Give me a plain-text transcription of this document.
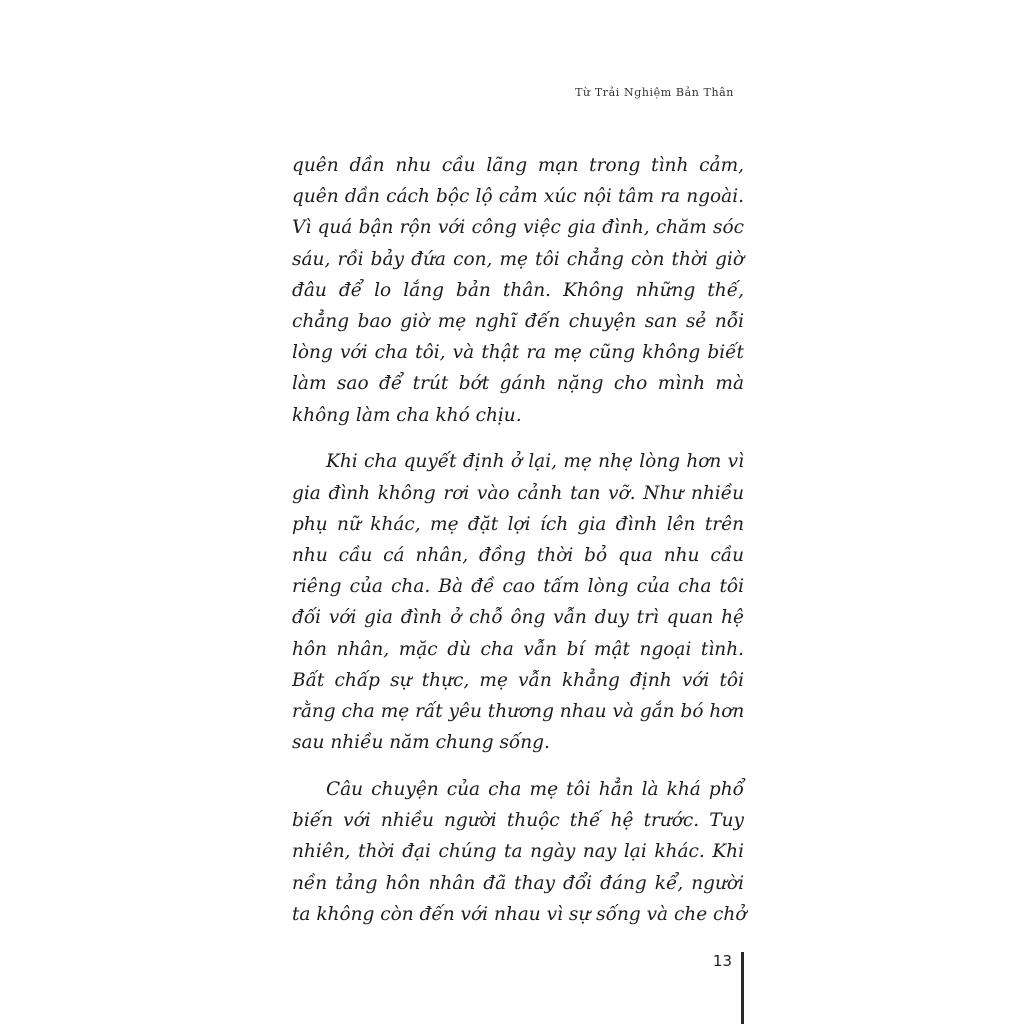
Từ Trải Nghiệm Bản Thân

quên dần nhu cầu lãng mạn trong tình cảm,
quên dần cách bộc lộ cảm xúc nội tâm ra ngoài.
Vì quá bận rộn với công việc gia đình, chăm sóc
sáu, rồi bảy đứa con, mẹ tôi chẳng còn thời giờ
đâu để lo lắng bản thân. Không những thế,
chẳng bao giờ mẹ nghĩ đến chuyện san sẻ nỗi
lòng với cha tôi, và thật ra mẹ cũng không biết
làm sao để trút bớt gánh nặng cho mình mà
không làm cha khó chịu.

Khi cha quyết định ở lại, mẹ nhẹ lòng hơn vì
gia đình không rơi vào cảnh tan vỡ. Như nhiều
phụ nữ khác, mẹ đặt lợi ích gia đình lên trên
nhu cầu cá nhân, đồng thời bỏ qua nhu cầu
riêng của cha. Bà đề cao tấm lòng của cha tôi
đối với gia đình ở chỗ ông vẫn duy trì quan hệ
hôn nhân, mặc dù cha vẫn bí mật ngoại tình.
Bất chấp sự thực, mẹ vẫn khẳng định với tôi
rằng cha mẹ rất yêu thương nhau và gắn bó hơn
sau nhiều năm chung sống.

Câu chuyện của cha mẹ tôi hẳn là khá phổ
biến với nhiều người thuộc thế hệ trước. Tuy
nhiên, thời đại chúng ta ngày nay lại khác. Khi
nền tảng hôn nhân đã thay đổi đáng kể, người
ta không còn đến với nhau vì sự sống và che chở

13
